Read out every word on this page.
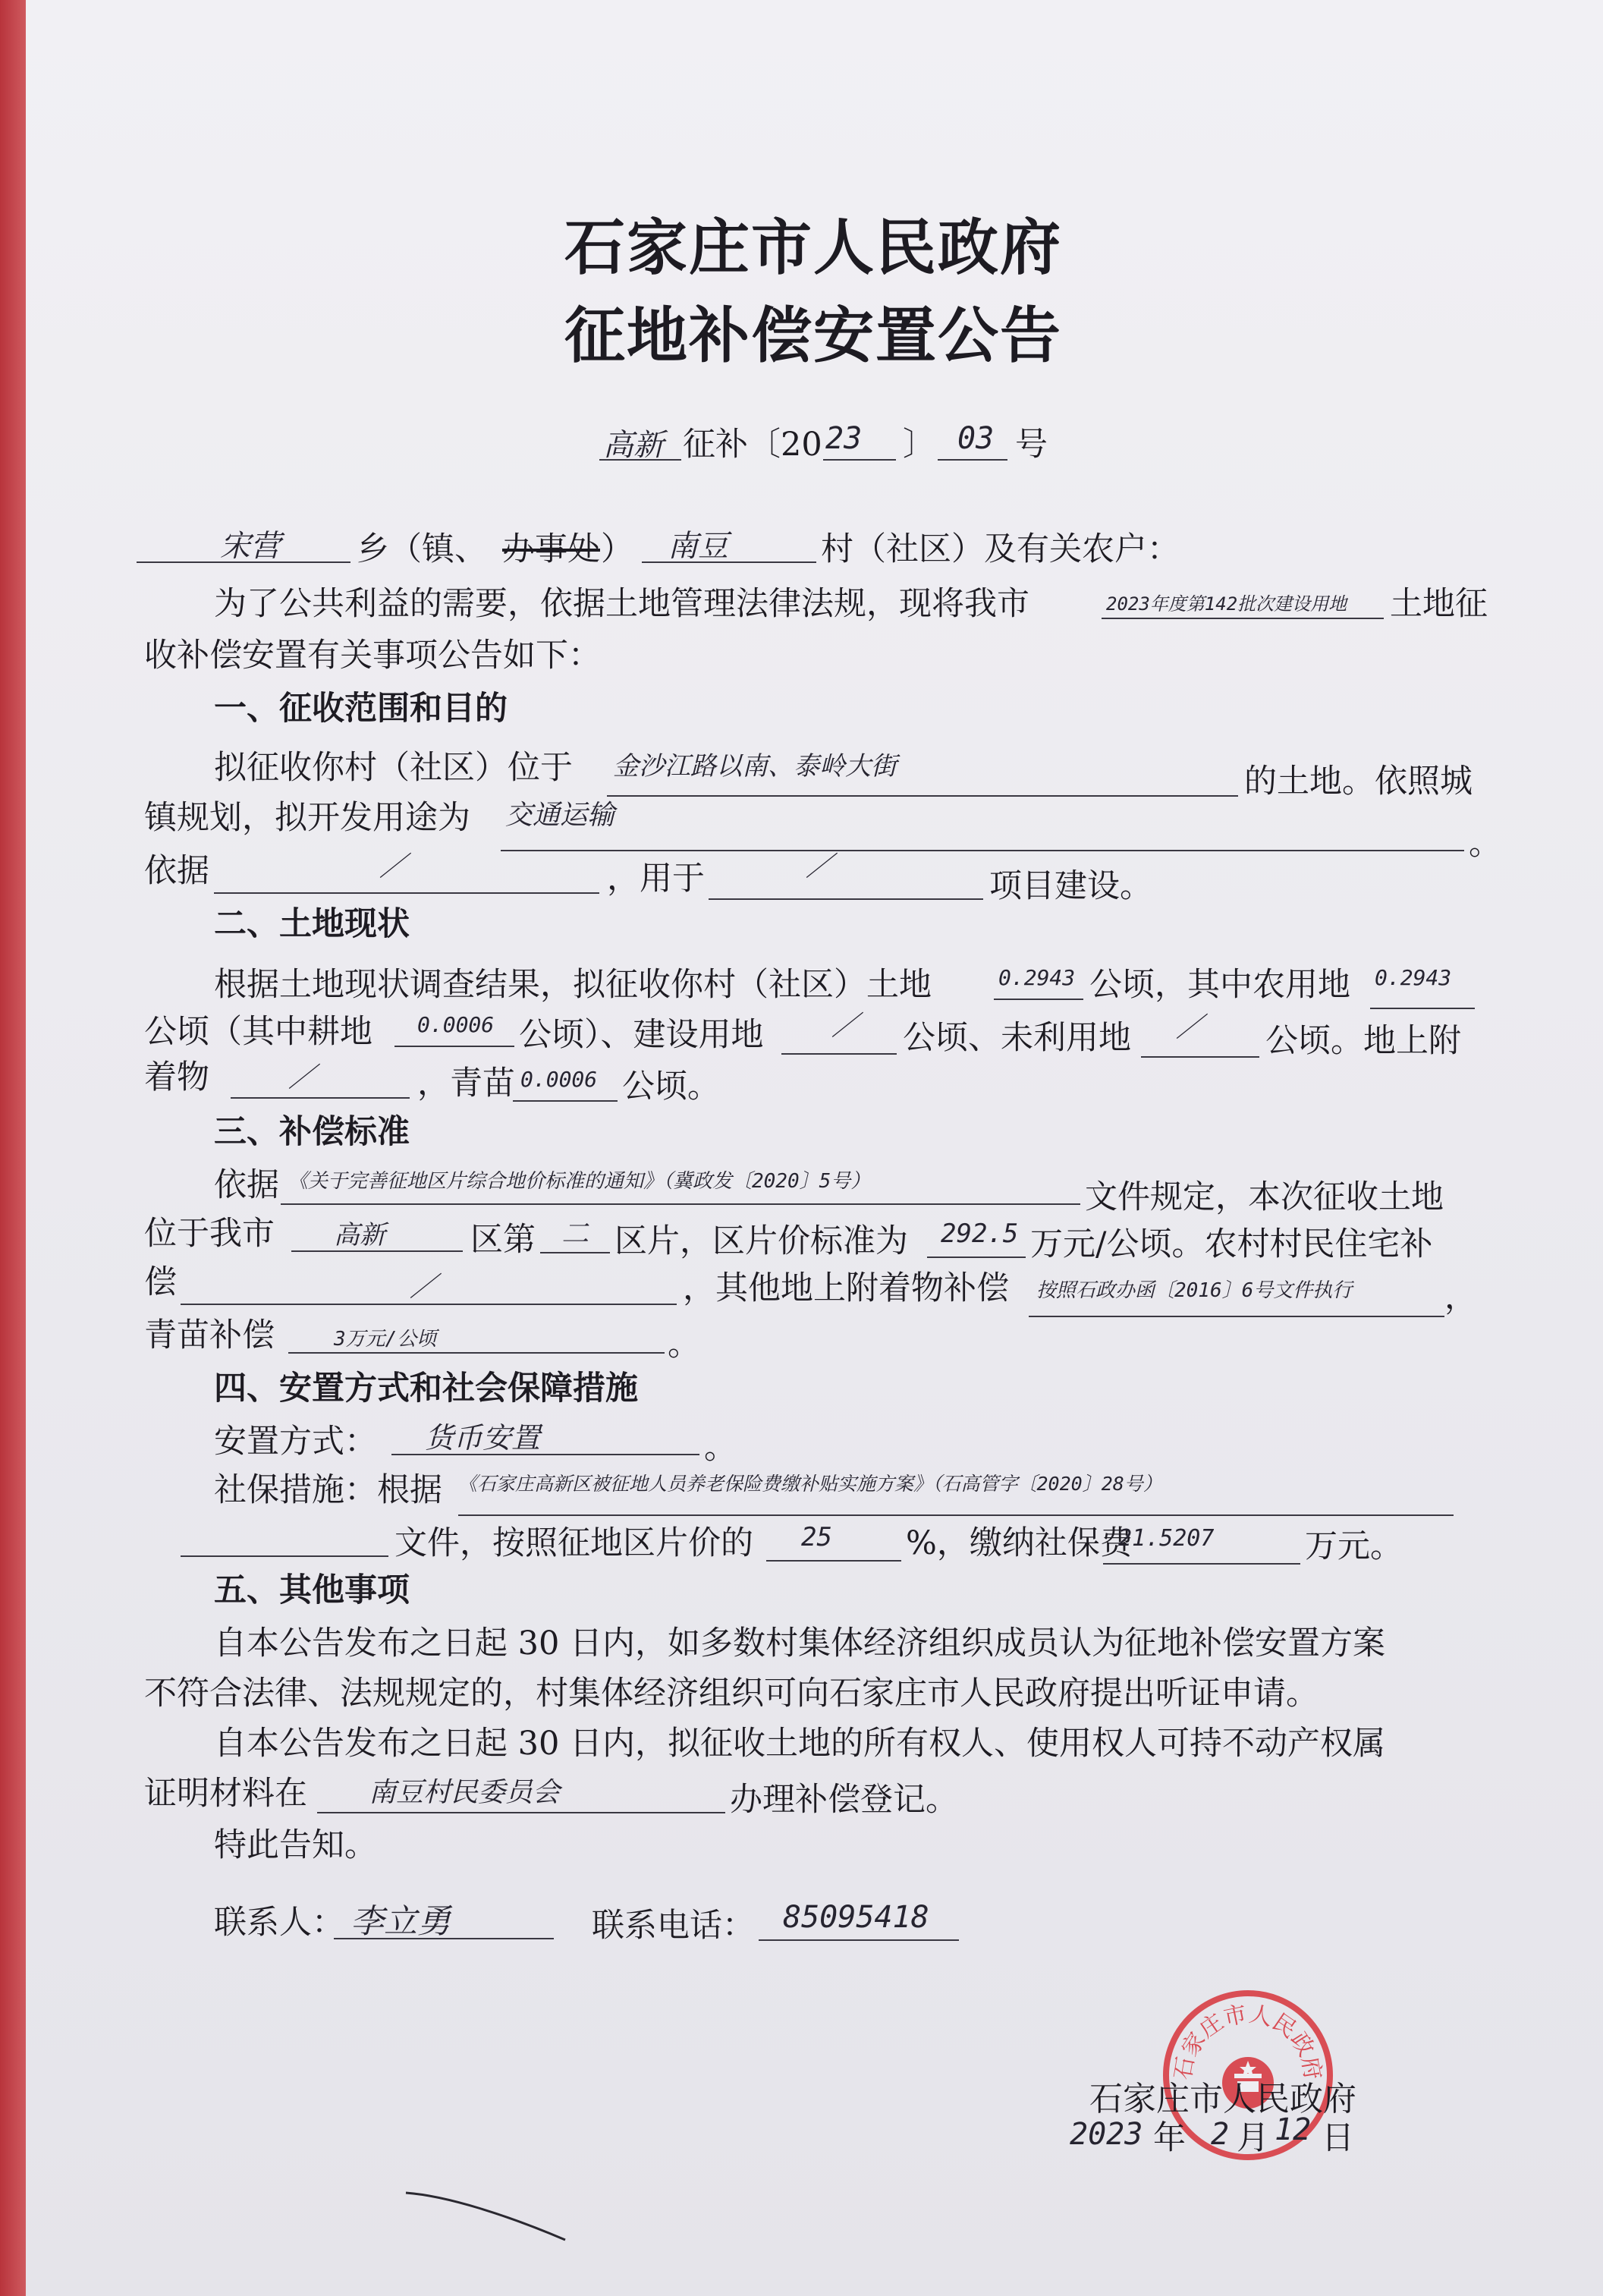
石家庄市人民政府
征地补偿安置公告
高新 征补〔20 23 〕 03 号
宋营 乡（镇、 办事处 ） 南豆	村（社区）及有关农户：
为了公共利益的需要，依据土地管理法律法规，现将我市	2023年度第142批次建设用地 土地征
收补偿安置有关事项公告如下：
一、征收范围和目的
拟征收你村（社区）位于 金沙江路以南、泰岭大街	的土地。依照城
镇规划，拟开发用途为 交通运输
。
依据	／	，用于	／
项目建设。
二、土地现状
根据土地现状调查结果，拟征收你村（社区）土地	0.2943 公顷，其中农用地 0.2943
公顷（其中耕地 0.0006 公顷）、建设用地 ／ 公顷、未利用地 ／ 公顷。地上附
着物	／	，青苗 0.0006 公顷。
三、补偿标准
依据 《关于完善征地区片综合地价标准的通知》（冀政发〔2020〕5号）	文件规定，本次征收土地
位于我市 高新	区第 二 区片，区片价标准为 292.5 万元/公顷。农村村民住宅补
偿	／	，其他地上附着物补偿 按照石政办函〔2016〕6号文件执行	，
青苗补偿	3万元/公顷	。
四、安置方式和社会保障措施
安置方式： 货币安置	。
社保措施：根据 《石家庄高新区被征地人员养老保险费缴补贴实施方案》（石高管字〔2020〕28号）
文件，按照征地区片价的 25 %，缴纳社保费
21.5207	万元。
五、其他事项
自本公告发布之日起 30 日内，如多数村集体经济组织成员认为征地补偿安置方案
不符合法律、法规规定的，村集体经济组织可向石家庄市人民政府提出听证申请。
自本公告发布之日起 30 日内，拟征收土地的所有权人、使用权人可持不动产权属
证明材料在 南豆村民委员会	办理补偿登记。
特此告知。
联系人： 李立勇	联系电话： 85095418
石家庄市人民政府
石家庄市人民政府
2023 年 2 月 12 日
